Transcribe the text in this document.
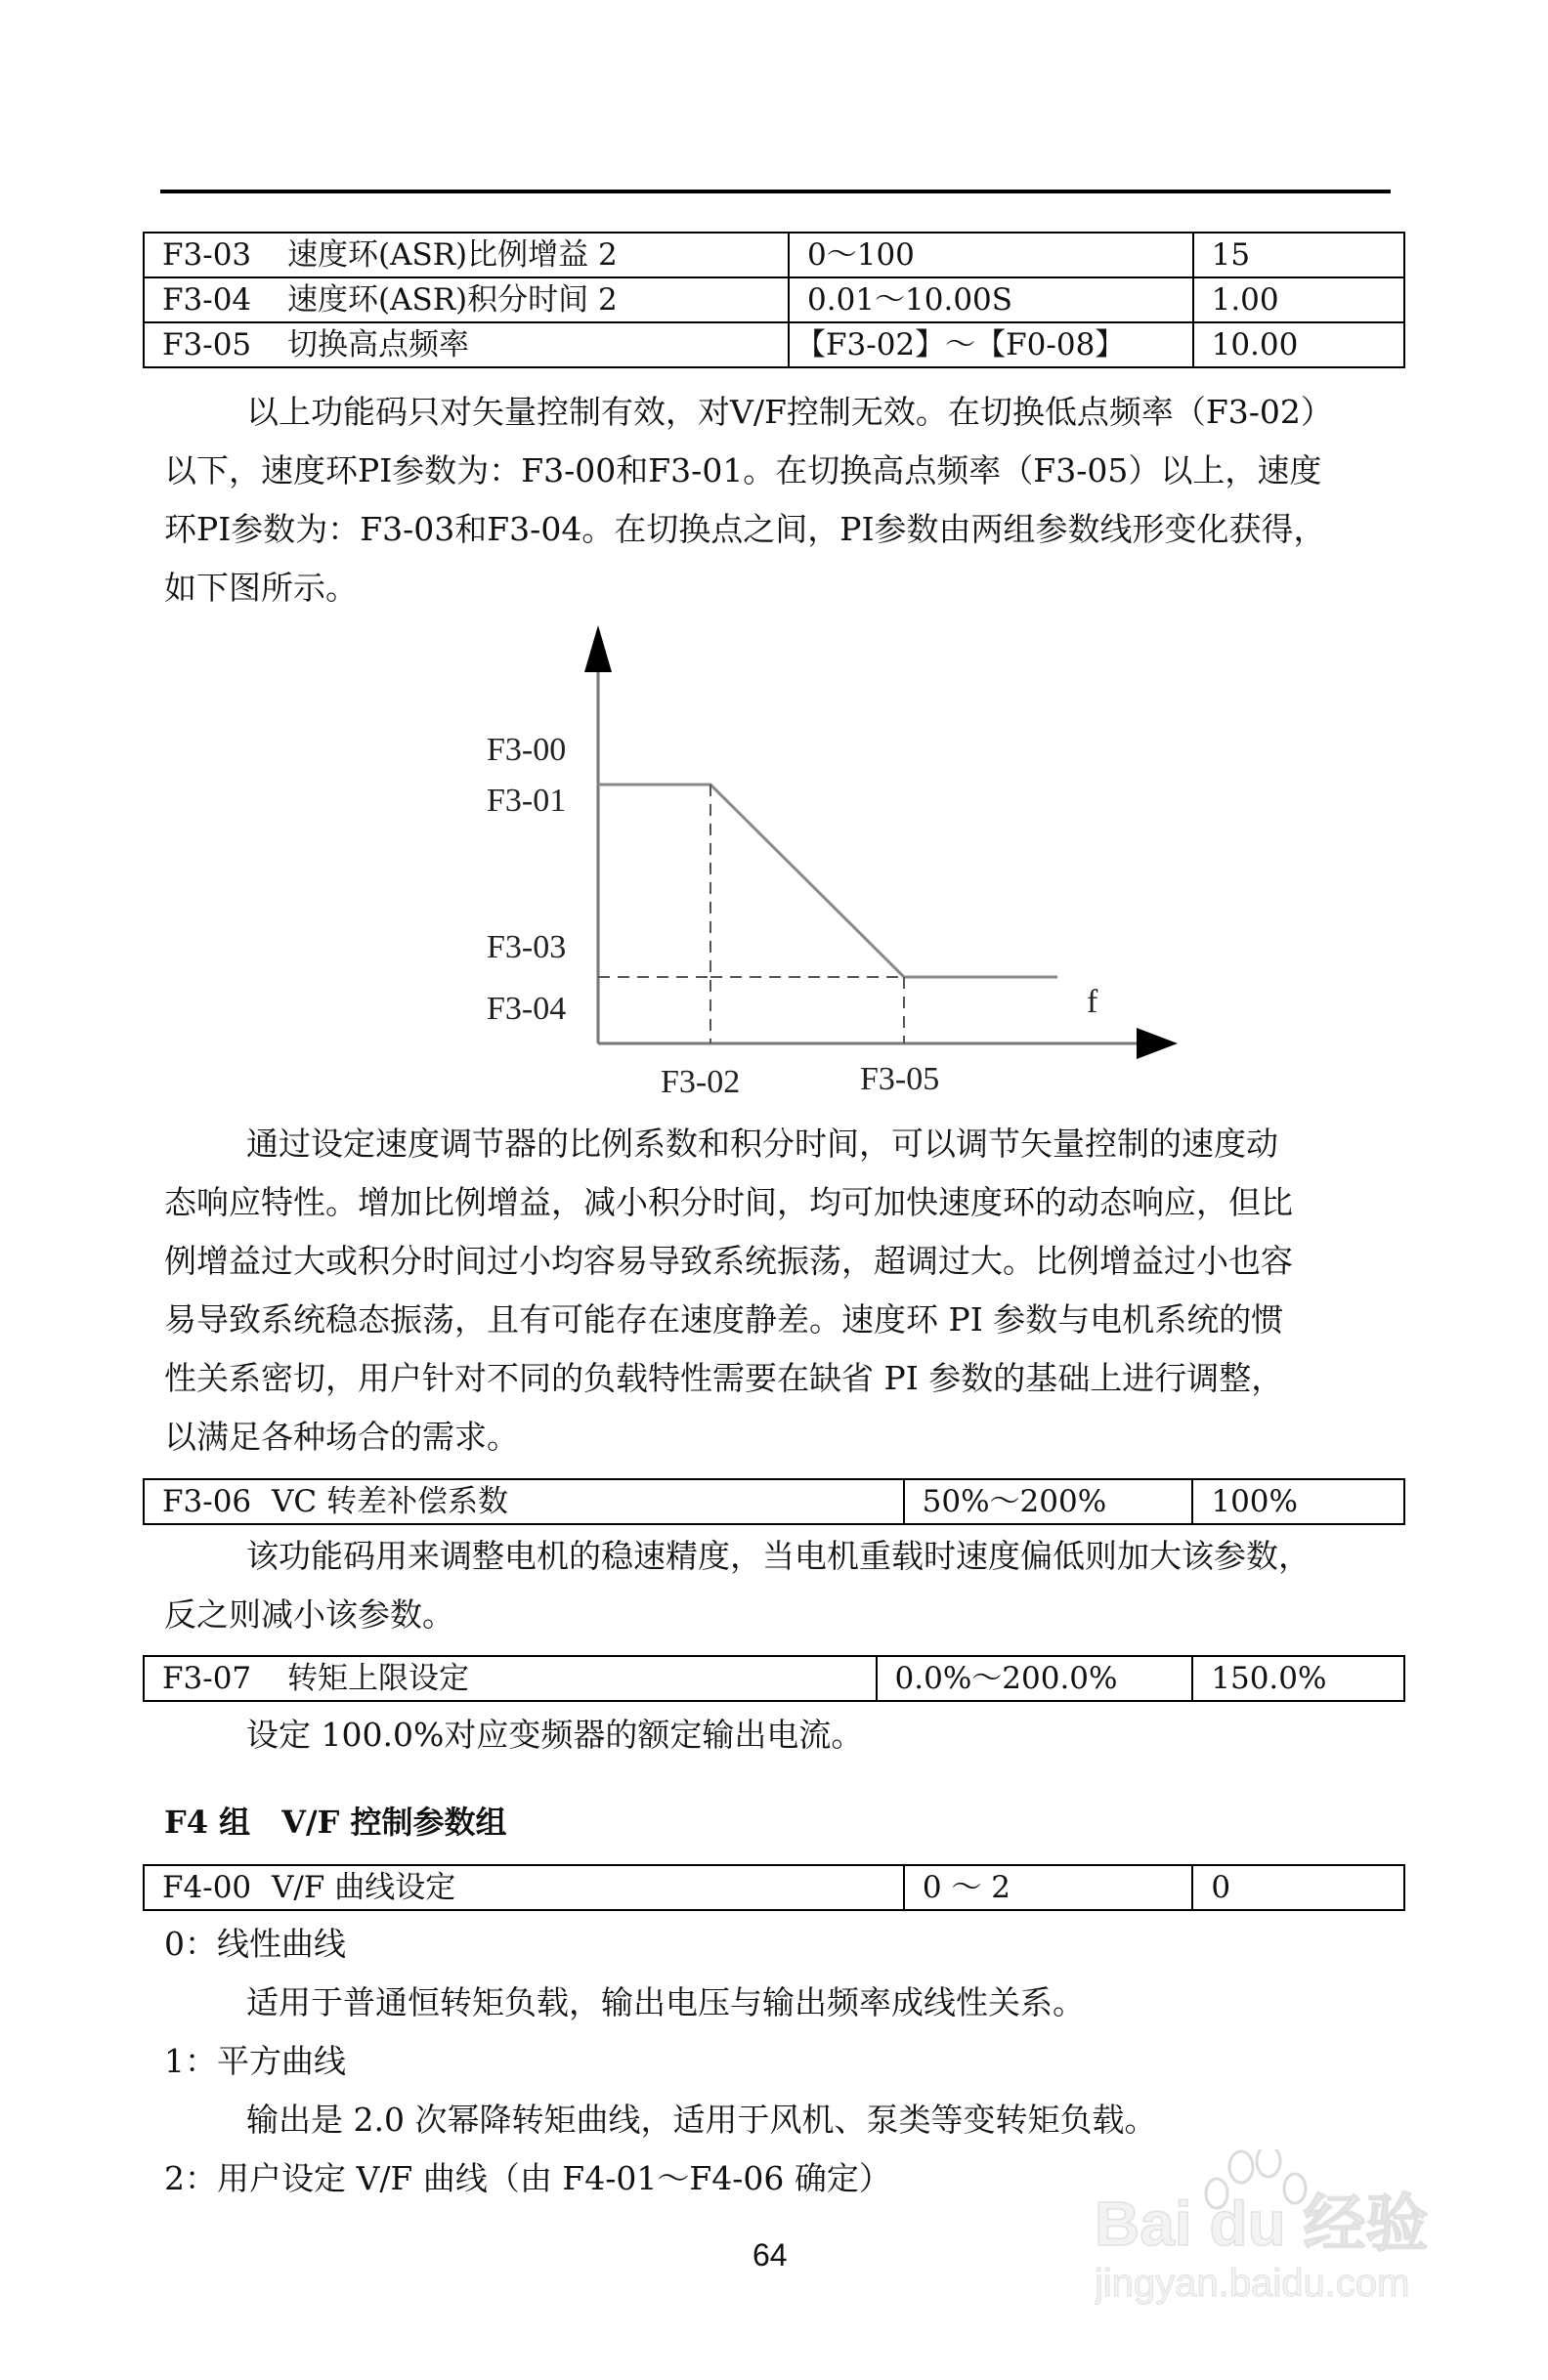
F3-03 速度环(ASR)比例增益 2	0～100	15
F3-04 速度环(ASR)积分时间 2	0.01～10.00S	1.00
F3-05 切换高点频率	【F3-02】～【F0-08】	10.00
以上功能码只对矢量控制有效，对V/F控制无效。在切换低点频率（F3-02）
以下，速度环PI参数为：F3-00和F3-01。在切换高点频率（F3-05）以上，速度
环PI参数为：F3-03和F3-04。在切换点之间，PI参数由两组参数线形变化获得，
如下图所示。
F3-00
F3-01
F3-03
F3-04	f
F3-02	F3-05
通过设定速度调节器的比例系数和积分时间，可以调节矢量控制的速度动
态响应特性。增加比例增益，减小积分时间，均可加快速度环的动态响应，但比
例增益过大或积分时间过小均容易导致系统振荡，超调过大。比例增益过小也容
易导致系统稳态振荡，且有可能存在速度静差。速度环 PI 参数与电机系统的惯
性关系密切，用户针对不同的负载特性需要在缺省 PI 参数的基础上进行调整，
以满足各种场合的需求。
F3-06 VC 转差补偿系数	50%～200%	100%
该功能码用来调整电机的稳速精度，当电机重载时速度偏低则加大该参数，
反之则减小该参数。
F3-07 转矩上限设定	0.0%～200.0%	150.0%
设定 100.0%对应变频器的额定输出电流。
F4 组　V/F 控制参数组
F4-00 V/F 曲线设定	0 ～ 2	0
0：线性曲线
适用于普通恒转矩负载，输出电压与输出频率成线性关系。
1：平方曲线
输出是 2.0 次幂降转矩曲线，适用于风机、泵类等变转矩负载。
2：用户设定 V/F 曲线（由 F4-01～F4-06 确定）
64	Bai du 经验
jingyan.baidu.com
